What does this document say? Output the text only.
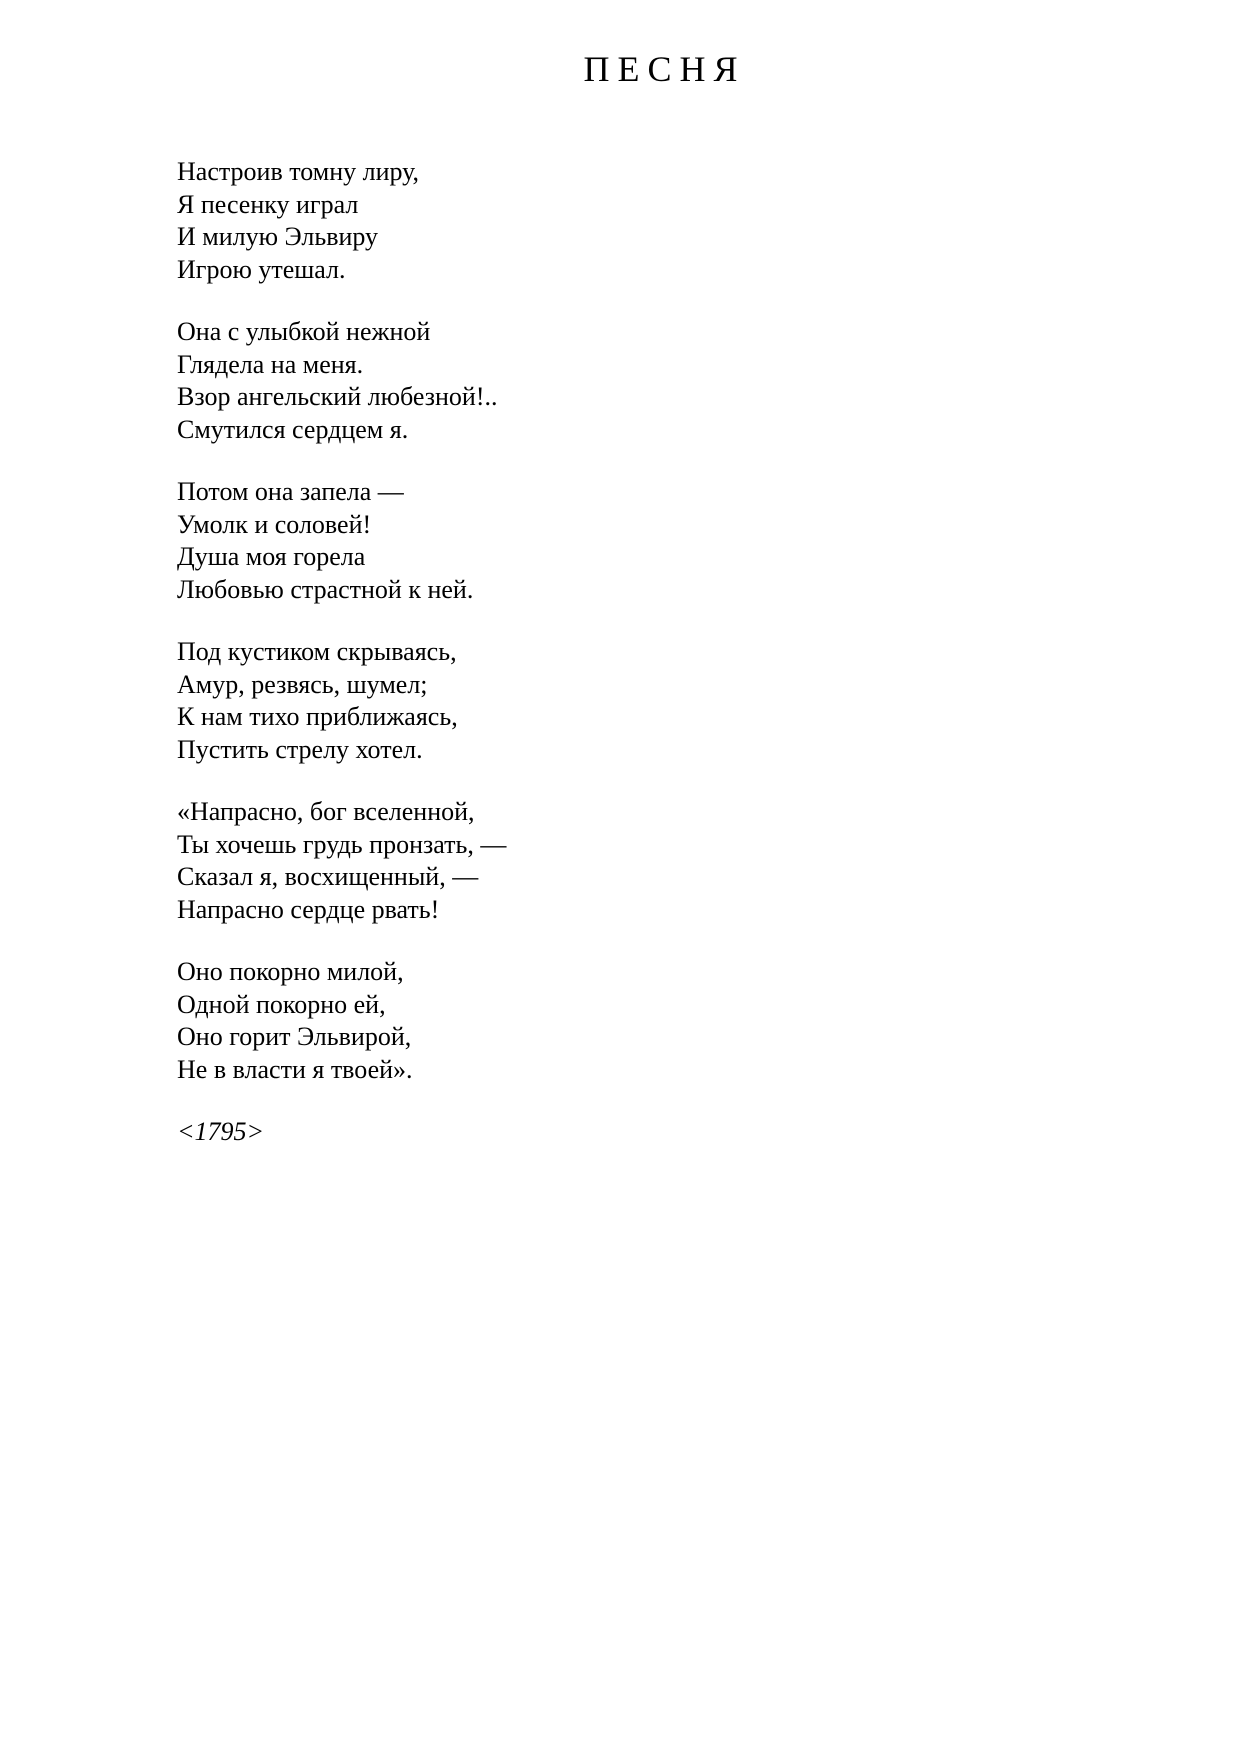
ПЕСНЯ
Настроив томну лиру,
Я песенку играл
И милую Эльвиру
Игрою утешал.
Она с улыбкой нежной
Глядела на меня.
Взор ангельский любезной!..
Смутился сердцем я.
Потом она запела —
Умолк и соловей!
Душа моя горела
Любовью страстной к ней.
Под кустиком скрываясь,
Амур, резвясь, шумел;
К нам тихо приближаясь,
Пустить стрелу хотел.
«Напрасно, бог вселенной,
Ты хочешь грудь пронзать, —
Сказал я, восхищенный, —
Напрасно сердце рвать!
Оно покорно милой,
Одной покорно ей,
Оно горит Эльвирой,
Не в власти я твоей».
<1795>
